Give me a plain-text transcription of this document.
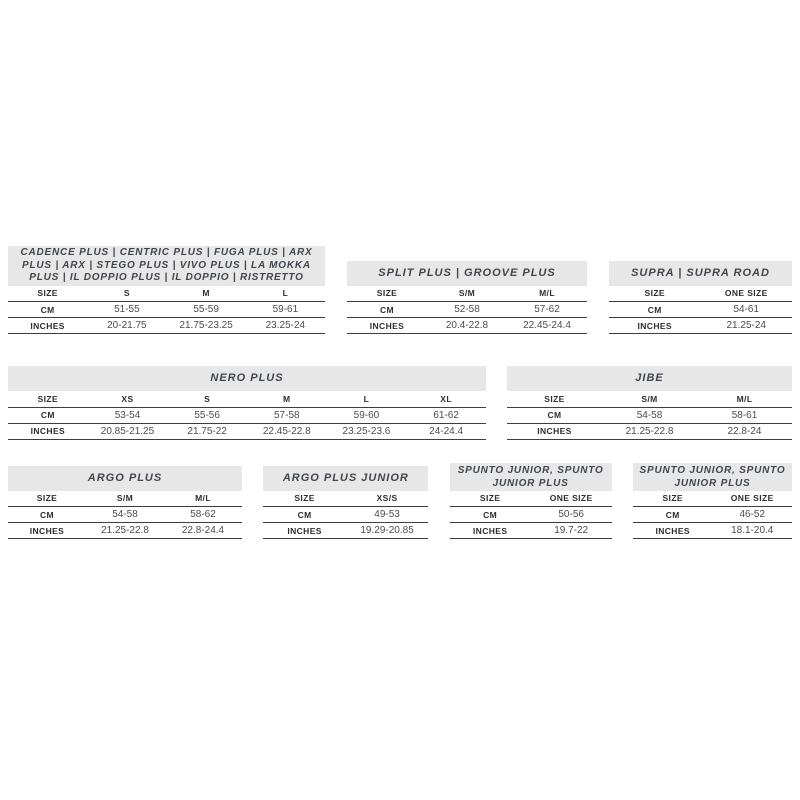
CADENCE PLUS | CENTRIC PLUS | FUGA PLUS | ARX PLUS | ARX | STEGO PLUS | VIVO PLUS | LA MOKKA PLUS | IL DOPPIO PLUS | IL DOPPIO | RISTRETTO
SIZE	S	M	L
CM	51-55	55-59	59-61
INCHES	20-21.75	21.75-23.25	23.25-24
SPLIT PLUS | GROOVE PLUS
SIZE	S/M	M/L
CM	52-58	57-62
INCHES	20.4-22.8	22.45-24.4
SUPRA | SUPRA ROAD
SIZE	ONE SIZE
CM	54-61
INCHES	21.25-24
NERO PLUS
SIZE	XS	S	M	L	XL
CM	53-54	55-56	57-58	59-60	61-62
INCHES	20.85-21.25	21.75-22	22.45-22.8	23.25-23.6	24-24.4
JIBE
SIZE	S/M	M/L
CM	54-58	58-61
INCHES	21.25-22.8	22.8-24
ARGO PLUS
SIZE	S/M	M/L
CM	54-58	58-62
INCHES	21.25-22.8	22.8-24.4
ARGO PLUS JUNIOR
SIZE	XS/S
CM	49-53
INCHES	19.29-20.85
SPUNTO JUNIOR, SPUNTO JUNIOR PLUS
SIZE	ONE SIZE
CM	50-56
INCHES	19.7-22
SPUNTO JUNIOR, SPUNTO JUNIOR PLUS
SIZE	ONE SIZE
CM	46-52
INCHES	18.1-20.4
